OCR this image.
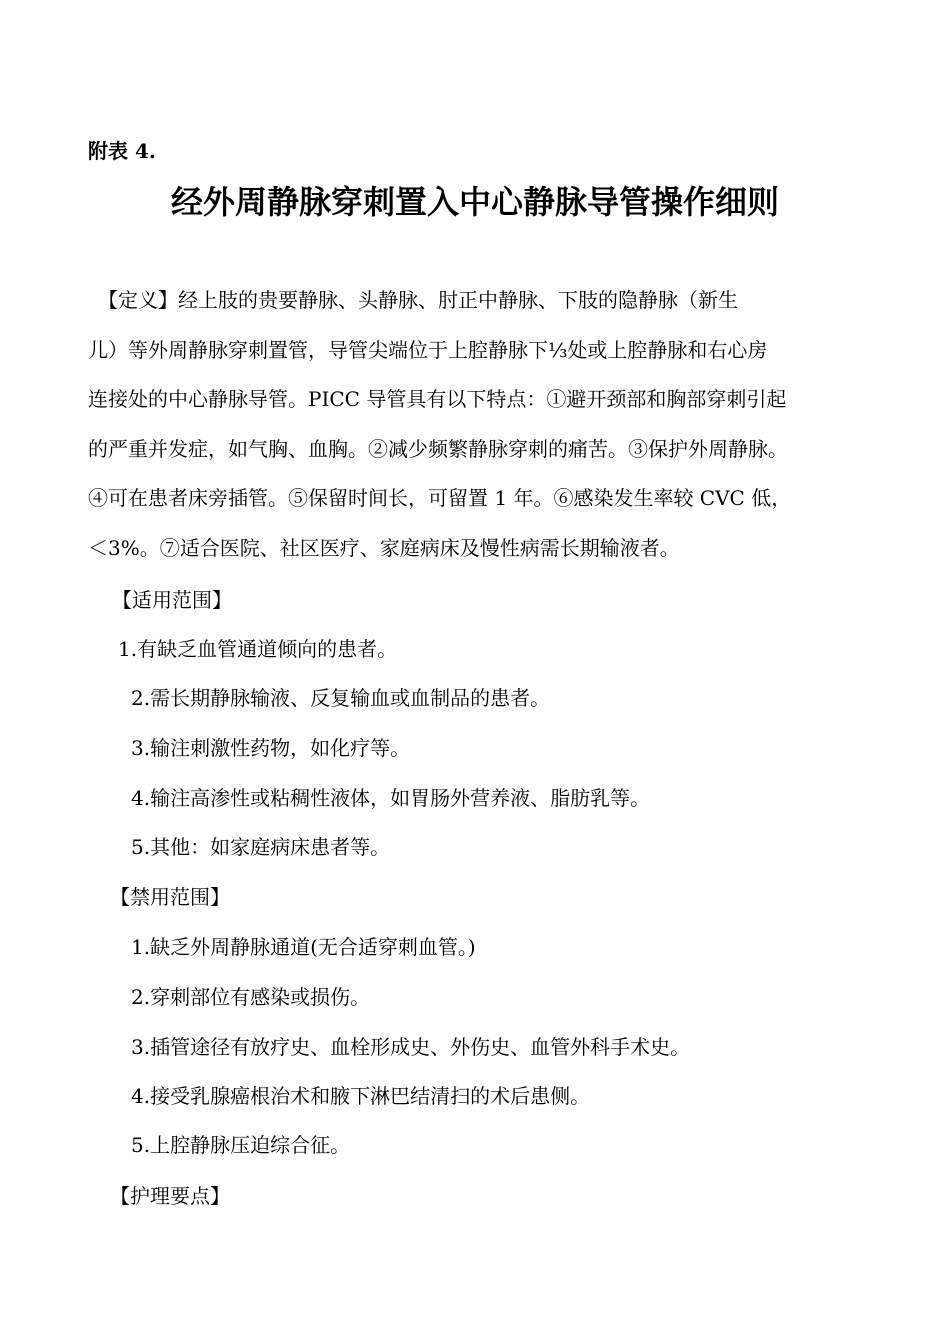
附表 4.
经外周静脉穿刺置入中心静脉导管操作细则
　【定义】经上肢的贵要静脉、头静脉、肘正中静脉、下肢的隐静脉（新生
儿）等外周静脉穿刺置管，导管尖端位于上腔静脉下⅓处或上腔静脉和右心房
连接处的中心静脉导管。PICC 导管具有以下特点：①避开颈部和胸部穿刺引起
的严重并发症，如气胸、血胸。②减少频繁静脉穿刺的痛苦。③保护外周静脉。
④可在患者床旁插管。⑤保留时间长，可留置 1 年。⑥感染发生率较 CVC 低，
＜3%。⑦适合医院、社区医疗、家庭病床及慢性病需长期输液者。
【适用范围】
1.有缺乏血管通道倾向的患者。
2.需长期静脉输液、反复输血或血制品的患者。
3.输注刺激性药物，如化疗等。
4.输注高渗性或粘稠性液体，如胃肠外营养液、脂肪乳等。
5.其他：如家庭病床患者等。
【禁用范围】
1.缺乏外周静脉通道(无合适穿刺血管。)
2.穿刺部位有感染或损伤。
3.插管途径有放疗史、血栓形成史、外伤史、血管外科手术史。
4.接受乳腺癌根治术和腋下淋巴结清扫的术后患侧。
5.上腔静脉压迫综合征。
【护理要点】
